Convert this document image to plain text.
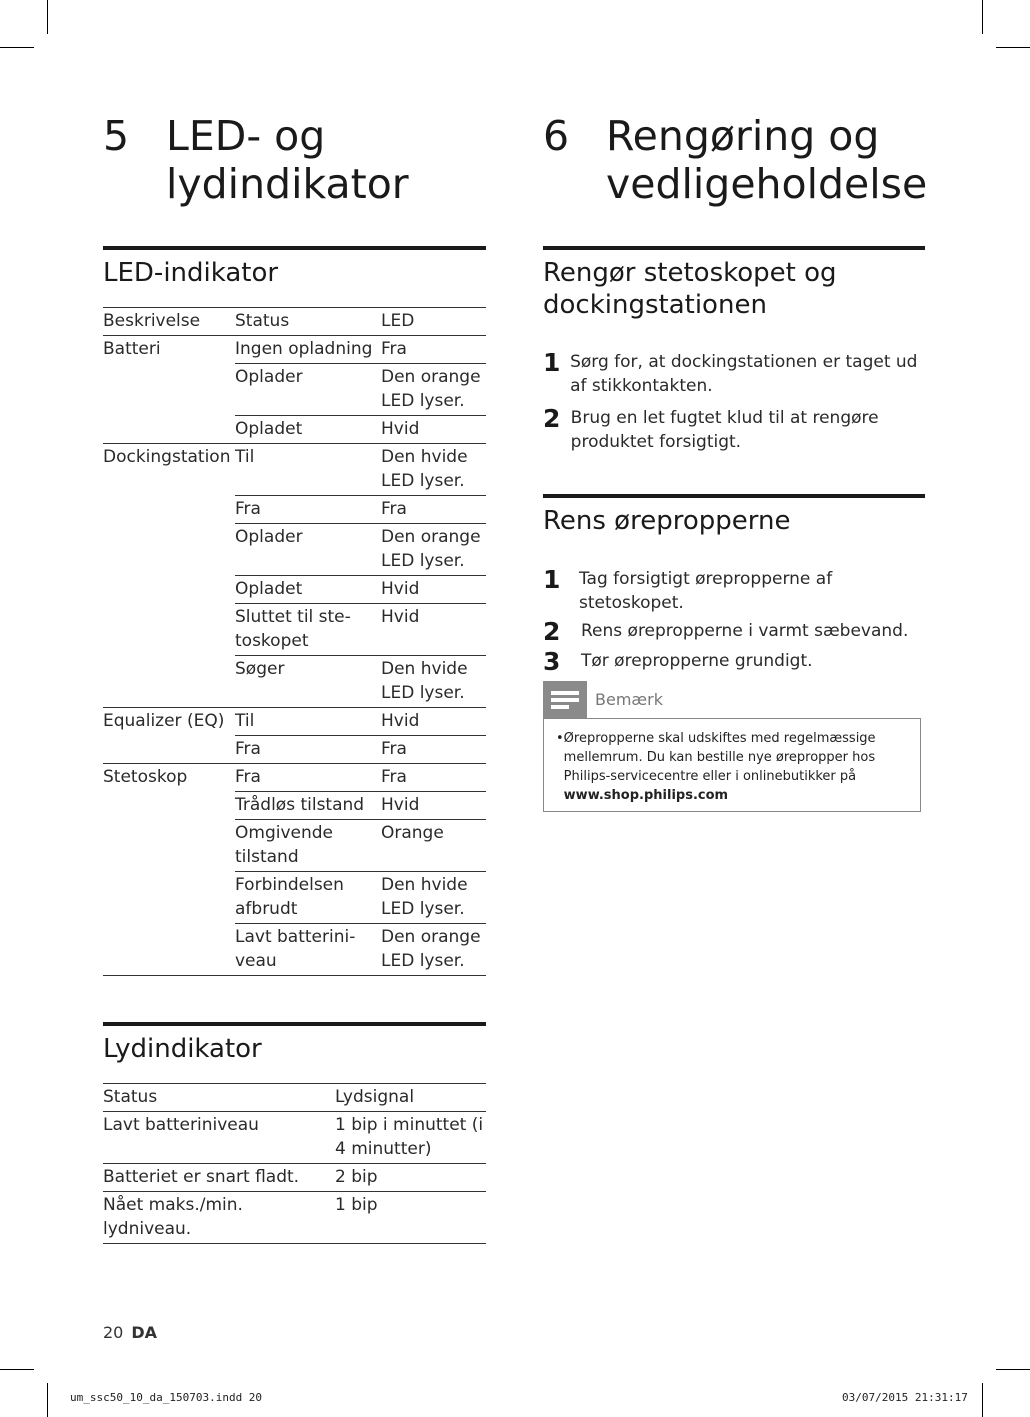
5 LED- og
lydindikator
6 Rengøring og
vedligeholdelse
LED-indikator
Beskrivelse	Status	LED
Batteri	Ingen opladning	Fra
	Oplader	Den orange LED lyser.
	Opladet	Hvid
Dockingstation	Til	Den hvide LED lyser.
	Fra	Fra
	Oplader	Den orange LED lyser.
	Opladet	Hvid
	Sluttet til ste-toskopet	Hvid
	Søger	Den hvide LED lyser.
Equalizer (EQ)	Til	Hvid
	Fra	Fra
Stetoskop	Fra	Fra
	Trådløs tilstand	Hvid
	Omgivende tilstand	Orange
	Forbindelsen afbrudt	Den hvide LED lyser.
	Lavt batterini-veau	Den orange LED lyser.
Lydindikator
Status	Lydsignal
Lavt batteriniveau	1 bip i minuttet (i 4 minutter)
Batteriet er snart fladt.	2 bip
Nået maks./min. lydniveau.	1 bip
Rengør stetoskopet og dockingstationen
1 Sørg for, at dockingstationen er taget ud af stikkontakten.
2 Brug en let fugtet klud til at rengøre produktet forsigtigt.
Rens ørepropperne
1	Tag forsigtigt ørepropperne af stetoskopet.
2	Rens ørepropperne i varmt sæbevand.
3	Tør ørepropperne grundigt.
Bemærk
• Ørepropperne skal udskiftes med regelmæssige mellemrum. Du kan bestille nye ørepropper hos Philips-servicecentre eller i onlinebutikker på
www.shop.philips.com
20 DA
um_ssc50_10_da_150703.indd 20	03/07/2015 21:31:17
